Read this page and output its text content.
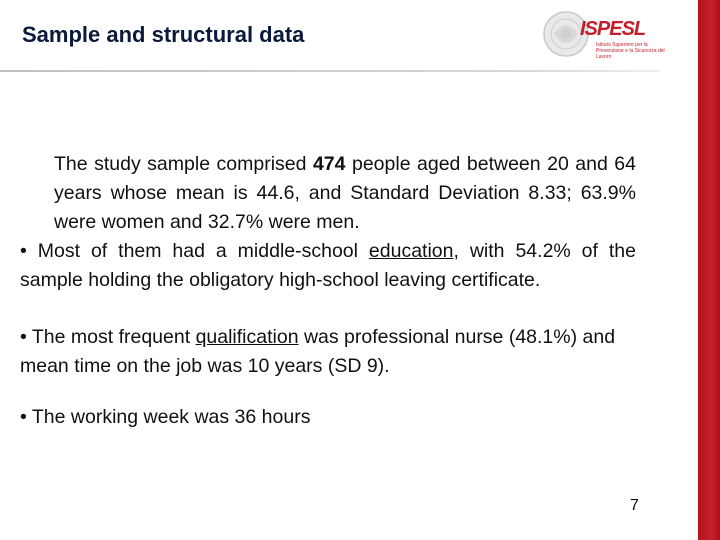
Sample and structural data	ISPESL
Istituto Superiore per la Prevenzione e la Sicurezza del Lavoro

The study sample comprised 474 people aged between 20 and 64 years whose mean is 44.6, and Standard Deviation 8.33; 63.9% were women and 32.7% were men.

• Most of them had a middle-school education, with 54.2% of the sample holding the obligatory high-school leaving certificate.

• The most frequent qualification was professional nurse (48.1%) and mean time on the job was 10 years (SD 9).

• The working week was 36 hours

7
